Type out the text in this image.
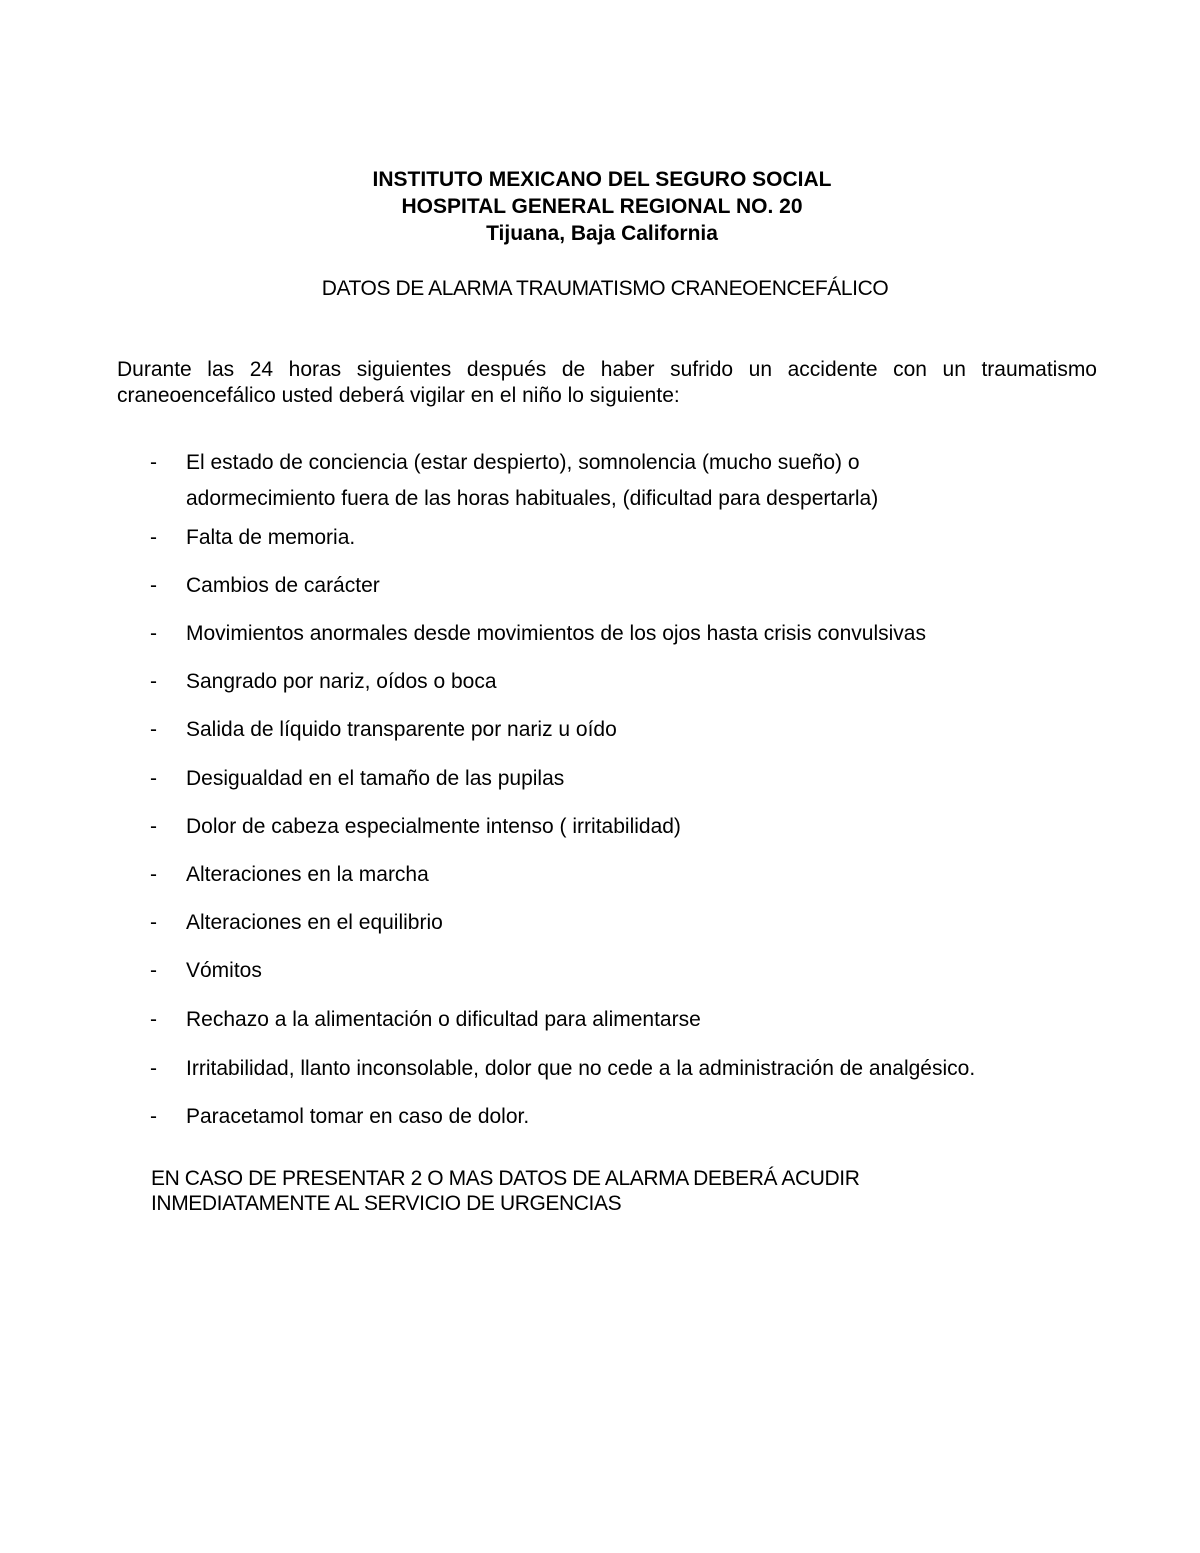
INSTITUTO MEXICANO DEL SEGURO SOCIAL
HOSPITAL GENERAL REGIONAL NO. 20
Tijuana, Baja California
DATOS DE ALARMA TRAUMATISMO CRANEOENCEFÁLICO
Durante las 24 horas siguientes después de haber sufrido un accidente con un traumatismo craneoencefálico usted deberá vigilar en el niño lo siguiente:
- El estado de conciencia (estar despierto), somnolencia (mucho sueño) o
adormecimiento fuera de las horas habituales, (dificultad para despertarla)
- Falta de memoria.
- Cambios de carácter
- Movimientos anormales desde movimientos de los ojos hasta crisis convulsivas
- Sangrado por nariz, oídos o boca
- Salida de líquido transparente por nariz u oído
- Desigualdad en el tamaño de las pupilas
- Dolor de cabeza especialmente intenso ( irritabilidad)
- Alteraciones en la marcha
- Alteraciones en el equilibrio
- Vómitos
- Rechazo a la alimentación o dificultad para alimentarse
- Irritabilidad, llanto inconsolable, dolor que no cede a la administración de analgésico.
- Paracetamol tomar en caso de dolor.
EN CASO DE PRESENTAR 2 O MAS DATOS DE ALARMA DEBERÁ ACUDIR
INMEDIATAMENTE AL SERVICIO DE URGENCIAS
